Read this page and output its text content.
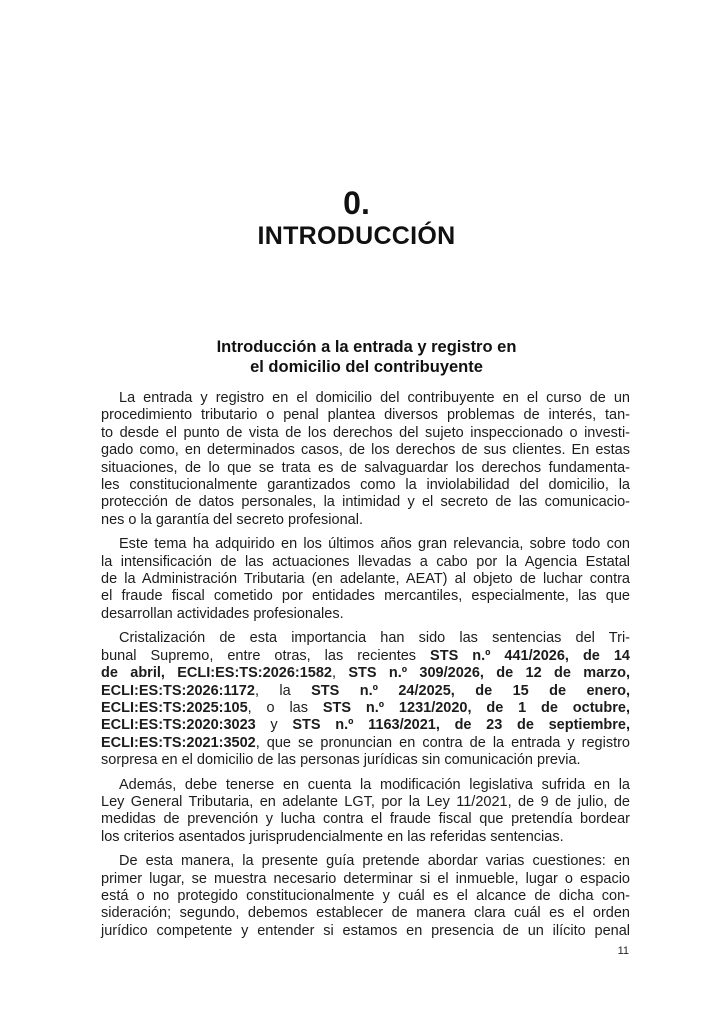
0.
INTRODUCCIÓN
Introducción a la entrada y registro en
el domicilio del contribuyente
La entrada y registro en el domicilio del contribuyente en el curso de un
procedimiento tributario o penal plantea diversos problemas de interés, tan-
to desde el punto de vista de los derechos del sujeto inspeccionado o investi-
gado como, en determinados casos, de los derechos de sus clientes. En estas
situaciones, de lo que se trata es de salvaguardar los derechos fundamenta-
les constitucionalmente garantizados como la inviolabilidad del domicilio, la
protección de datos personales, la intimidad y el secreto de las comunicacio-
nes o la garantía del secreto profesional.
Este tema ha adquirido en los últimos años gran relevancia, sobre todo con
la intensificación de las actuaciones llevadas a cabo por la Agencia Estatal
de la Administración Tributaria (en adelante, AEAT) al objeto de luchar contra
el fraude fiscal cometido por entidades mercantiles, especialmente, las que
desarrollan actividades profesionales.
Cristalización de esta importancia han sido las sentencias del Tri-
bunal Supremo, entre otras, las recientes STS n.º 441/2026, de 14
de abril, ECLI:ES:TS:2026:1582, STS n.º 309/2026, de 12 de marzo,
ECLI:ES:TS:2026:1172, la STS n.º 24/2025, de 15 de enero,
ECLI:ES:TS:2025:105, o las STS n.º 1231/2020, de 1 de octubre,
ECLI:ES:TS:2020:3023 y STS n.º 1163/2021, de 23 de septiembre,
ECLI:ES:TS:2021:3502, que se pronuncian en contra de la entrada y registro
sorpresa en el domicilio de las personas jurídicas sin comunicación previa.
Además, debe tenerse en cuenta la modificación legislativa sufrida en la
Ley General Tributaria, en adelante LGT, por la Ley 11/2021, de 9 de julio, de
medidas de prevención y lucha contra el fraude fiscal que pretendía bordear
los criterios asentados jurisprudencialmente en las referidas sentencias.
De esta manera, la presente guía pretende abordar varias cuestiones: en
primer lugar, se muestra necesario determinar si el inmueble, lugar o espacio
está o no protegido constitucionalmente y cuál es el alcance de dicha con-
sideración; segundo, debemos establecer de manera clara cuál es el orden
jurídico competente y entender si estamos en presencia de un ilícito penal
11
